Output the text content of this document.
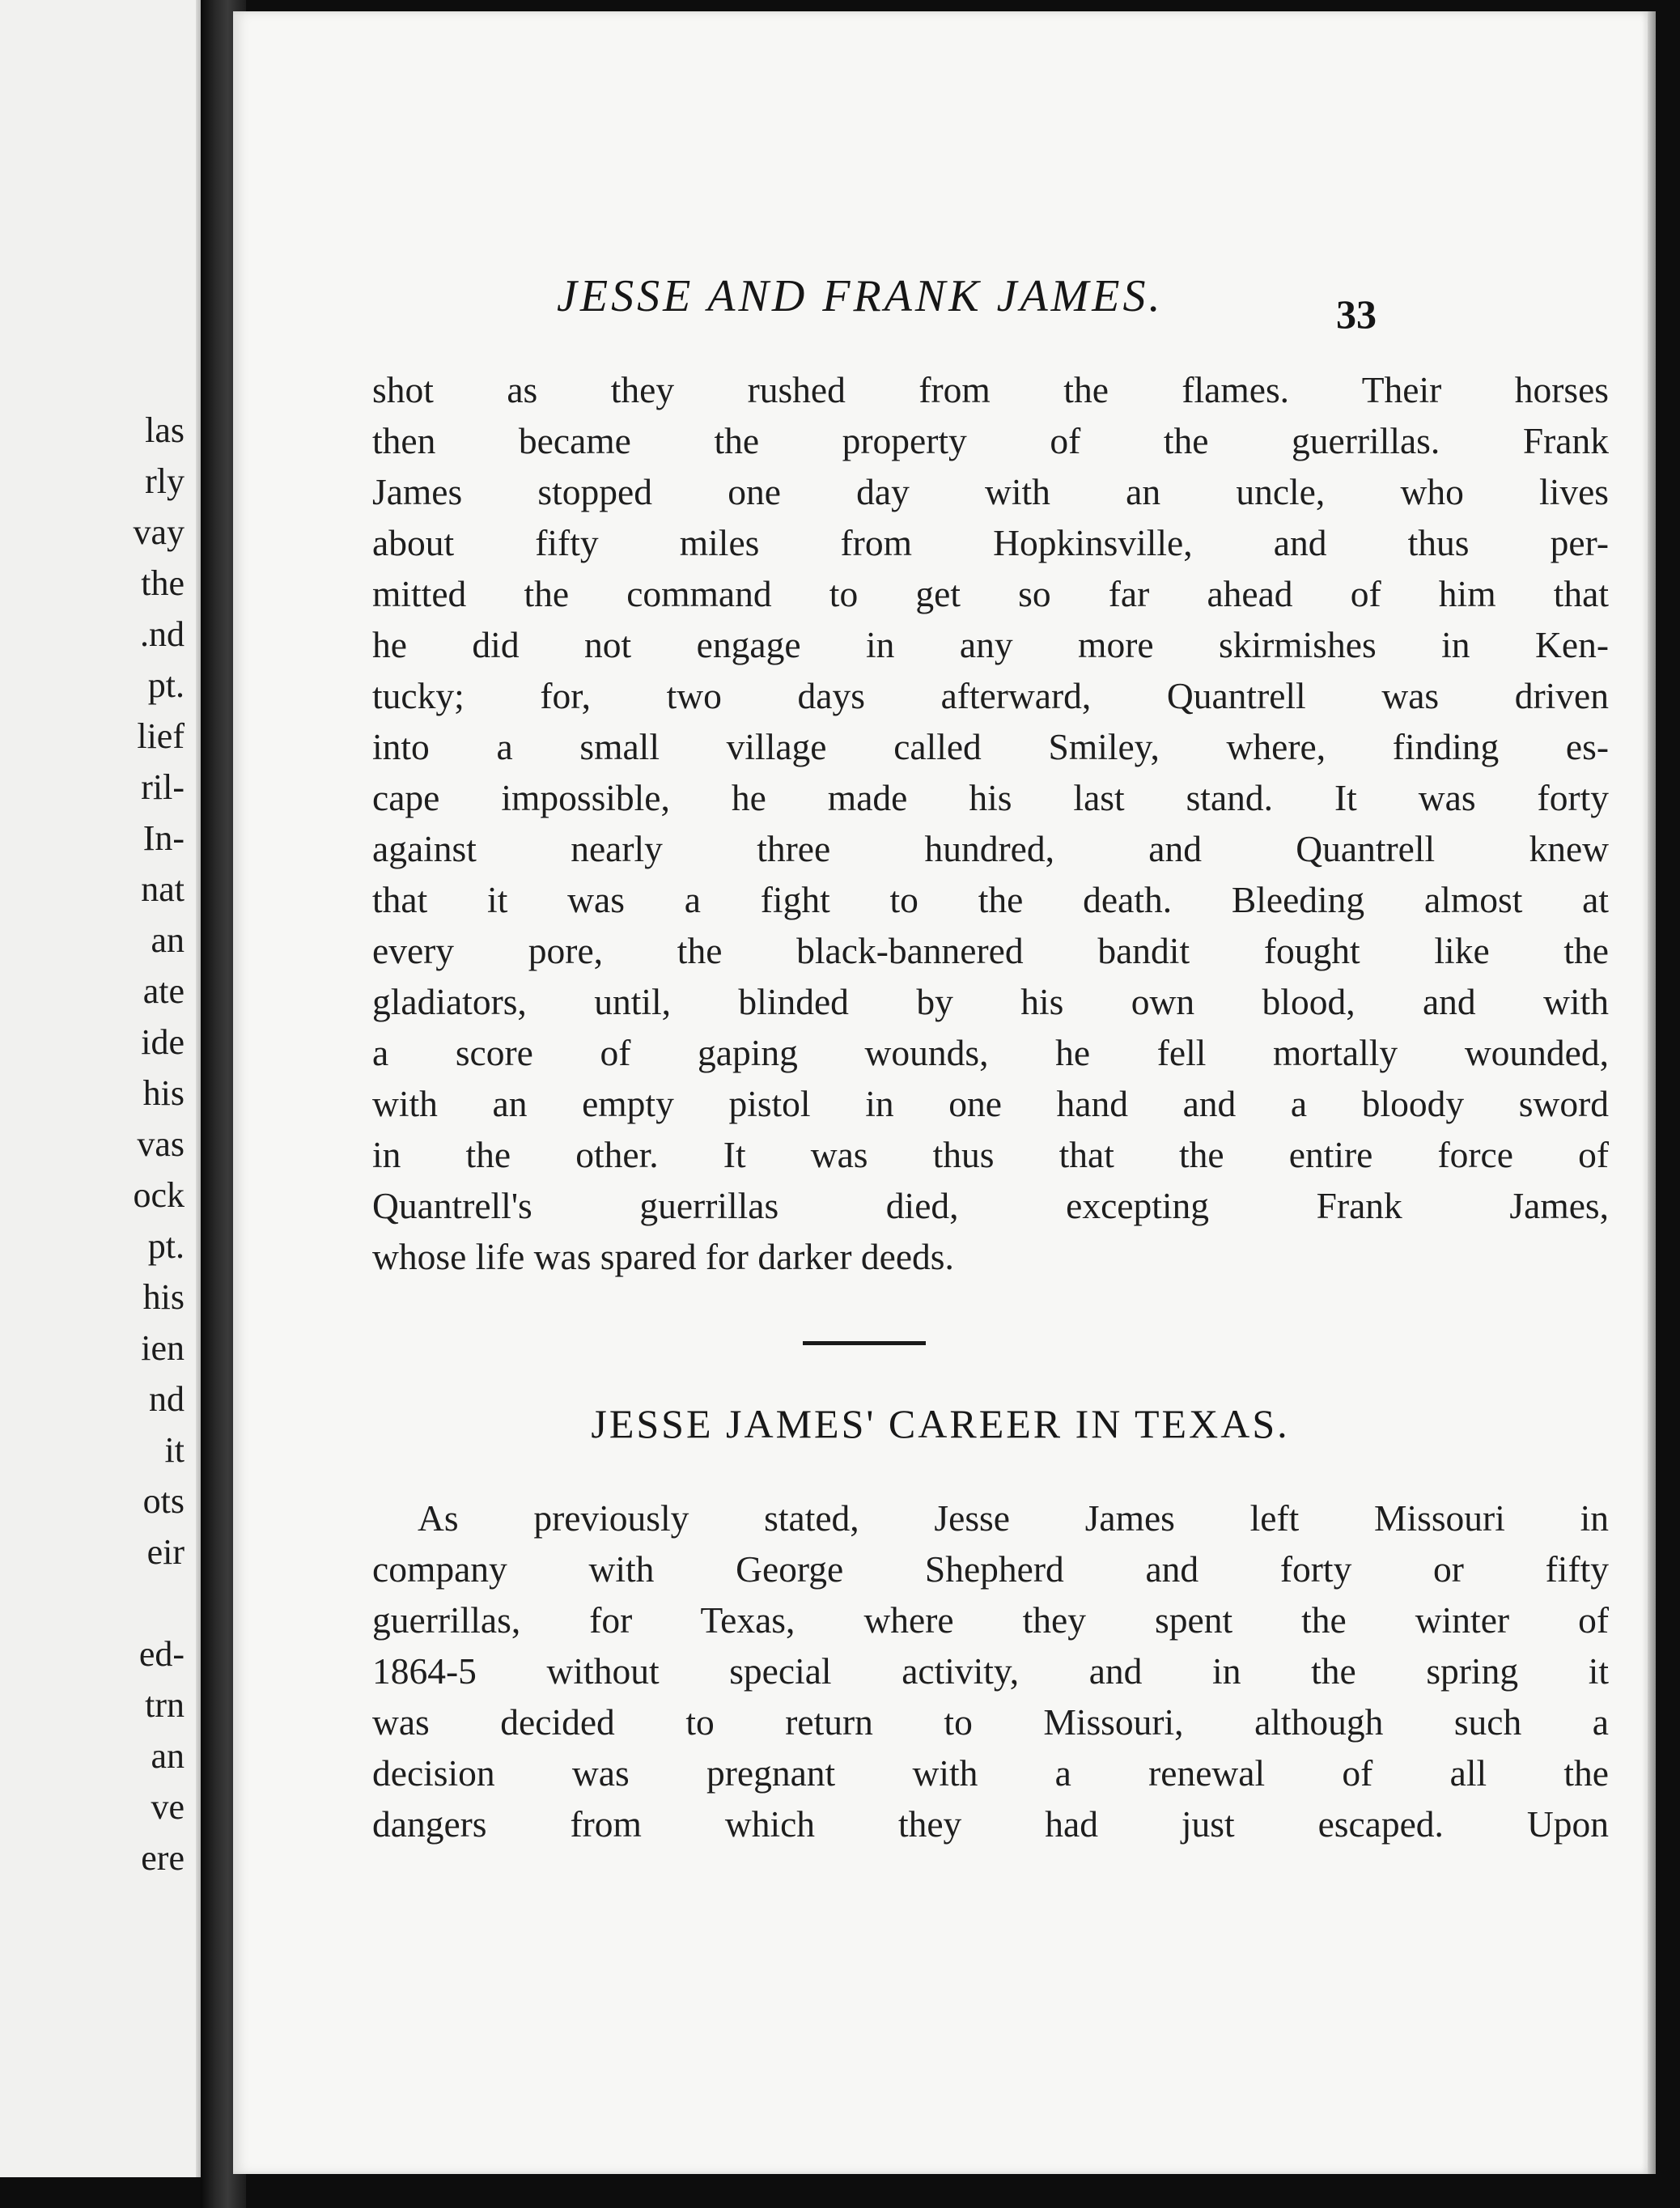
las
rly
vay
the
.nd
pt.
lief
ril-
In-
nat
an
ate
ide
his
vas
ock
pt.
his
ien
nd
it
ots
eir
ed-
trn
an
ve
ere
JESSE AND FRANK JAMES.	33
shot as they rushed from the flames. Their horses
then became the property of the guerrillas. Frank
James stopped one day with an uncle, who lives
about fifty miles from Hopkinsville, and thus per-
mitted the command to get so far ahead of him that
he did not engage in any more skirmishes in Ken-
tucky; for, two days afterward, Quantrell was driven
into a small village called Smiley, where, finding es-
cape impossible, he made his last stand. It was forty
against nearly three hundred, and Quantrell knew
that it was a fight to the death. Bleeding almost at
every pore, the black-bannered bandit fought like the
gladiators, until, blinded by his own blood, and with
a score of gaping wounds, he fell mortally wounded,
with an empty pistol in one hand and a bloody sword
in the other. It was thus that the entire force of
Quantrell's guerrillas died, excepting Frank James,
whose life was spared for darker deeds.
JESSE JAMES' CAREER IN TEXAS.
As previously stated, Jesse James left Missouri in
company with George Shepherd and forty or fifty
guerrillas, for Texas, where they spent the winter of
1864-5 without special activity, and in the spring it
was decided to return to Missouri, although such a
decision was pregnant with a renewal of all the
dangers from which they had just escaped. Upon
